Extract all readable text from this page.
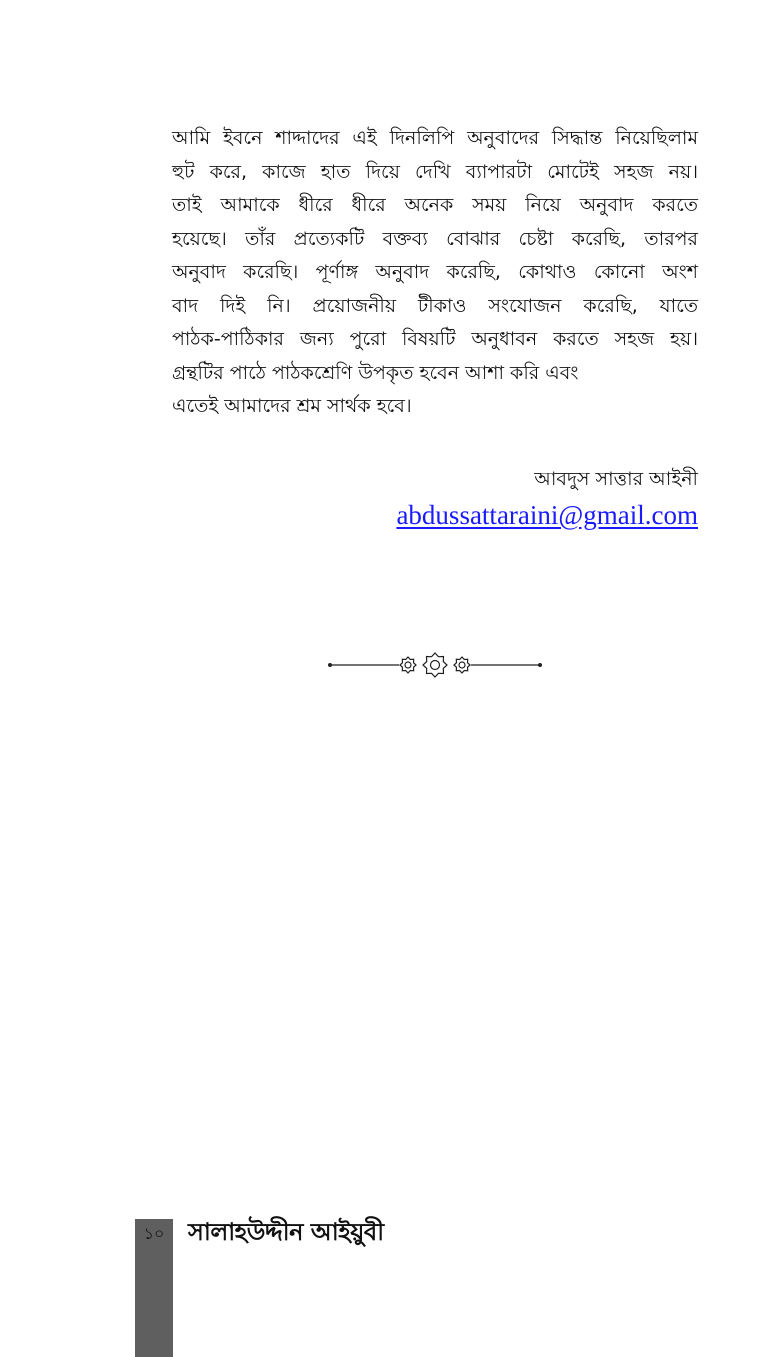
আমি ইবনে শাদ্দাদের এই দিনলিপি অনুবাদের সিদ্ধান্ত নিয়েছিলাম
হুট করে, কাজে হাত দিয়ে দেখি ব্যাপারটা মোটেই সহজ নয়।
তাই আমাকে ধীরে ধীরে অনেক সময় নিয়ে অনুবাদ করতে
হয়েছে। তাঁর প্রত্যেকটি বক্তব্য বোঝার চেষ্টা করেছি, তারপর
অনুবাদ করেছি। পূর্ণাঙ্গ অনুবাদ করেছি, কোথাও কোনো অংশ
বাদ দিই নি। প্রয়োজনীয় টীকাও সংযোজন করেছি, যাতে
পাঠক-পাঠিকার জন্য পুরো বিষয়টি অনুধাবন করতে সহজ হয়।
গ্রন্থটির পাঠে পাঠকশ্রেণি উপকৃত হবেন আশা করি এবং
এতেই আমাদের শ্রম সার্থক হবে।
আবদুস সাত্তার আইনী
abdussattaraini@gmail.com
১০ সালাহউদ্দীন আইয়ুবী
